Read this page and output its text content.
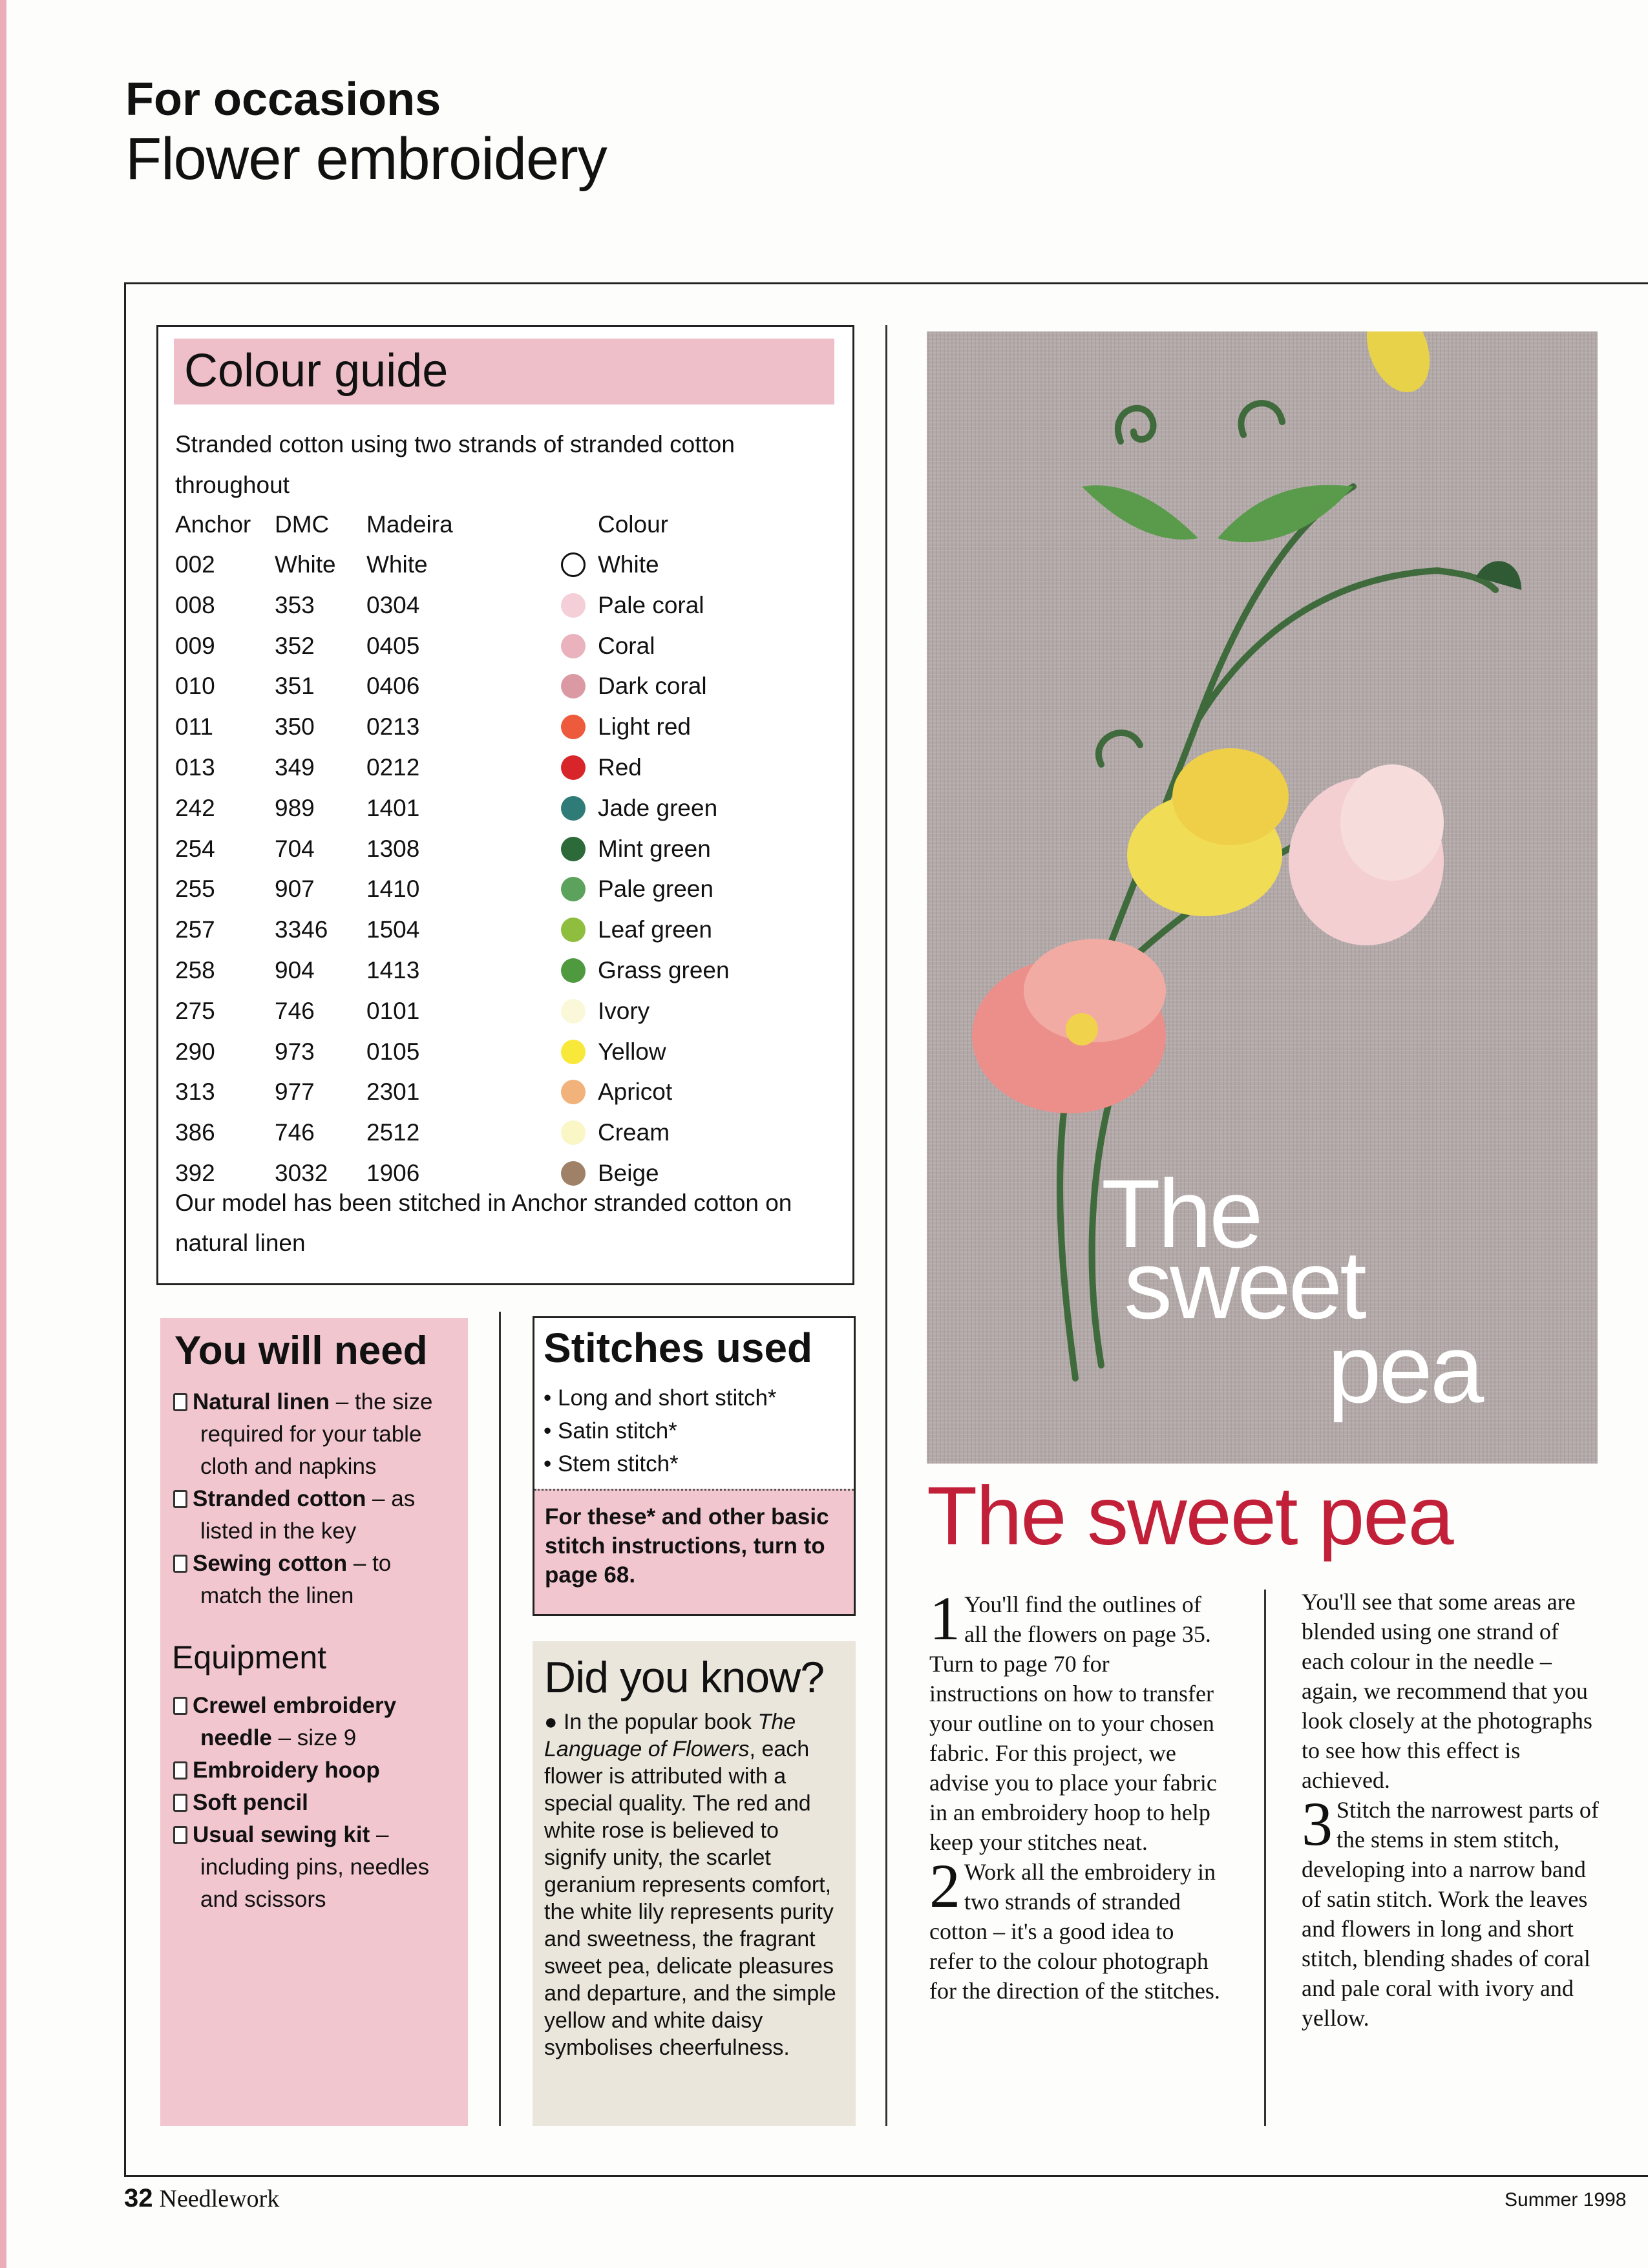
For occasions
Flower embroidery
Colour guide
Stranded cotton using two strands of stranded cotton throughout
Anchor DMC Madeira	Colour
002 White White	White
008 353 0304	Pale coral
009 352 0405	Coral
010 351 0406	Dark coral
011	350 0213	Light red
013 349 0212	Red
242 989 1401	Jade green
254 704 1308	Mint green
255 907 1410	Pale green
257 3346 1504	Leaf green
258 904 1413	Grass green
275 746 0101	Ivory
290 973 0105	Yellow
313 977 2301	Apricot
386 746 2512	Cream
392 3032 1906	Beige
Our model has been stitched in Anchor stranded cotton on natural linen
You will need
Natural linen – the size required for your table cloth and napkins
Stranded cotton – as listed in the key
Sewing cotton – to match the linen
Equipment
Crewel embroidery needle – size 9
Embroidery hoop
Soft pencil
Usual sewing kit – including pins, needles and scissors
Stitches used
• Long and short stitch*
• Satin stitch*
• Stem stitch*

For these* and other basic stitch instructions, turn to page 68.

Did you know?

● In the popular book The Language of Flowers, each flower is attributed with a special quality. The red and white rose is believed to signify unity, the scarlet geranium represents comfort, the white lily represents purity and sweetness, the fragrant sweet pea, delicate pleasures and departure, and the simple yellow and white daisy symbolises cheerfulness.

The
sweet
pea
The sweet pea

1 You'll find the outlines of all the flowers on page 35. Turn to page 70 for instructions on how to transfer your outline on to your chosen fabric. For this project, we advise you to place your fabric in an embroidery hoop to help keep your stitches neat.

2 Work all the embroidery in two strands of stranded cotton – it's a good idea to refer to the colour photograph for the direction of the stitches.

You'll see that some areas are blended using one strand of each colour in the needle – again, we recommend that you look closely at the photographs to see how this effect is achieved.

3 Stitch the narrowest parts of the stems in stem stitch, developing into a narrow band of satin stitch. Work the leaves and flowers in long and short stitch, blending shades of coral and pale coral with ivory and yellow.

32 Needlework	Summer 1998
